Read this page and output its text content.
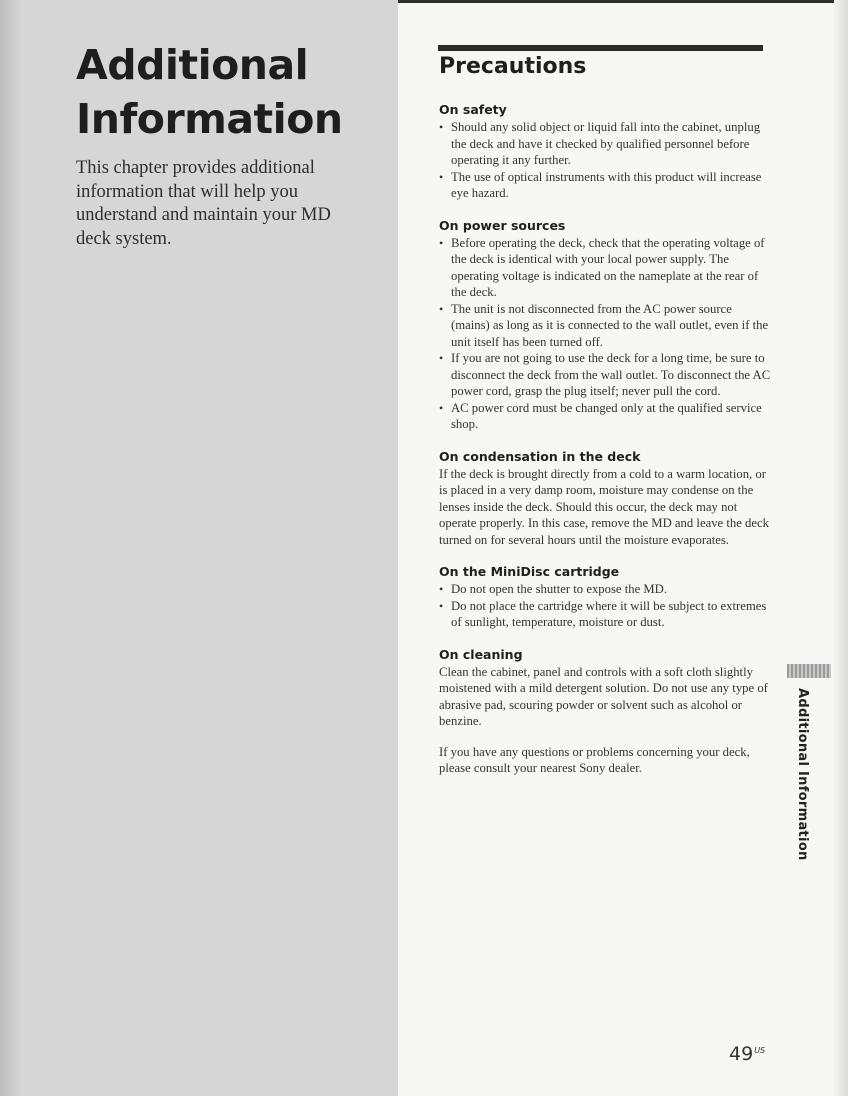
Additional
Information

This chapter provides additional information that will help you understand and maintain your MD deck system.

Precautions
On safety
• Should any solid object or liquid fall into the cabinet, unplug the deck and have it checked by qualified personnel before operating it any further.
• The use of optical instruments with this product will increase eye hazard.
On power sources
• Before operating the deck, check that the operating voltage of the deck is identical with your local power supply. The operating voltage is indicated on the nameplate at the rear of the deck.
• The unit is not disconnected from the AC power source (mains) as long as it is connected to the wall outlet, even if the unit itself has been turned off.
• If you are not going to use the deck for a long time, be sure to disconnect the deck from the wall outlet. To disconnect the AC power cord, grasp the plug itself; never pull the cord.
• AC power cord must be changed only at the qualified service shop.
On condensation in the deck

If the deck is brought directly from a cold to a warm location, or is placed in a very damp room, moisture may condense on the lenses inside the deck. Should this occur, the deck may not operate properly. In this case, remove the MD and leave the deck turned on for several hours until the moisture evaporates.

On the MiniDisc cartridge
• Do not open the shutter to expose the MD.
• Do not place the cartridge where it will be subject to extremes of sunlight, temperature, moisture or dust.
On cleaning

Clean the cabinet, panel and controls with a soft cloth slightly moistened with a mild detergent solution. Do not use any type of abrasive pad, scouring powder or solvent such as alcohol or benzine.

If you have any questions or problems concerning your deck, please consult your nearest Sony dealer.	Additional Information
$49^{US}$
